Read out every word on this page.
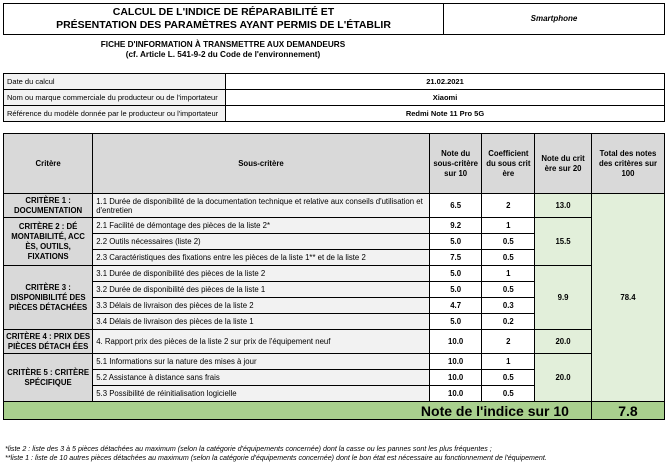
CALCUL DE L'INDICE DE RÉPARABILITÉ ET
PRÉSENTATION DES PARAMÈTRES AYANT PERMIS DE L'ÉTABLIR
Smartphone
FICHE D'INFORMATION À TRANSMETTRE AUX DEMANDEURS
(cf. Article L. 541-9-2 du Code de l'environnement)
Date du calcul	21.02.2021
Nom ou marque commerciale du producteur ou de l'importateur	Xiaomi
Référence du modèle donnée par le producteur ou l'importateur	Redmi Note 11 Pro 5G
Critère	Sous-critère	Note du sous-critère sur 10	Coefficient du sous crit ère	Note du crit ère sur 20	Total des notes des critères sur 100
CRITÈRE 1 : DOCUMENTATION	1.1 Durée de disponibilité de la documentation technique et relative aux conseils d'utilisation et d'entretien	6.5	2	13.0	78.4
CRITÈRE 2 : DÉ MONTABILITÉ, ACC ÈS, OUTILS, FIXATIONS	2.1 Facilité de démontage des pièces de la liste 2*	9.2	1	15.5	
	2.2 Outils nécessaires (liste 2)	5.0	0.5		
	2.3 Caractéristiques des fixations entre les pièces de la liste 1** et de la liste 2	7.5	0.5		
CRITÈRE 3 : DISPONIBILITÉ DES PIÈCES DÉTACHÉES	3.1 Durée de disponibilité des pièces de la liste 2	5.0	1	9.9	
	3.2 Durée de disponibilité des pièces de la liste 1	5.0	0.5		
	3.3 Délais de livraison des pièces de la liste 2	4.7	0.3		
	3.4 Délais de livraison des pièces de la liste 1	5.0	0.2		
CRITÈRE 4 : PRIX DES PIÈCES DÉTACH ÉES	4. Rapport prix des pièces de la liste 2 sur prix de l'équipement neuf	10.0	2	20.0	
CRITÈRE 5 : CRITÈRE SPÉCIFIQUE	5.1 Informations sur la nature des mises à jour	10.0	1	20.0	
	5.2 Assistance à distance sans frais	10.0	0.5		
	5.3 Possibilité de réinitialisation logicielle	10.0	0.5		
Note de l'indice sur 10					7.8
*liste 2 : liste des 3 à 5 pièces détachées au maximum (selon la catégorie d'équipements concernée) dont la casse ou les pannes sont les plus fréquentes ;
**liste 1 : liste de 10 autres pièces détachées au maximum (selon la catégorie d'équipements concernée) dont le bon état est nécessaire au fonctionnement de l'équipement.
